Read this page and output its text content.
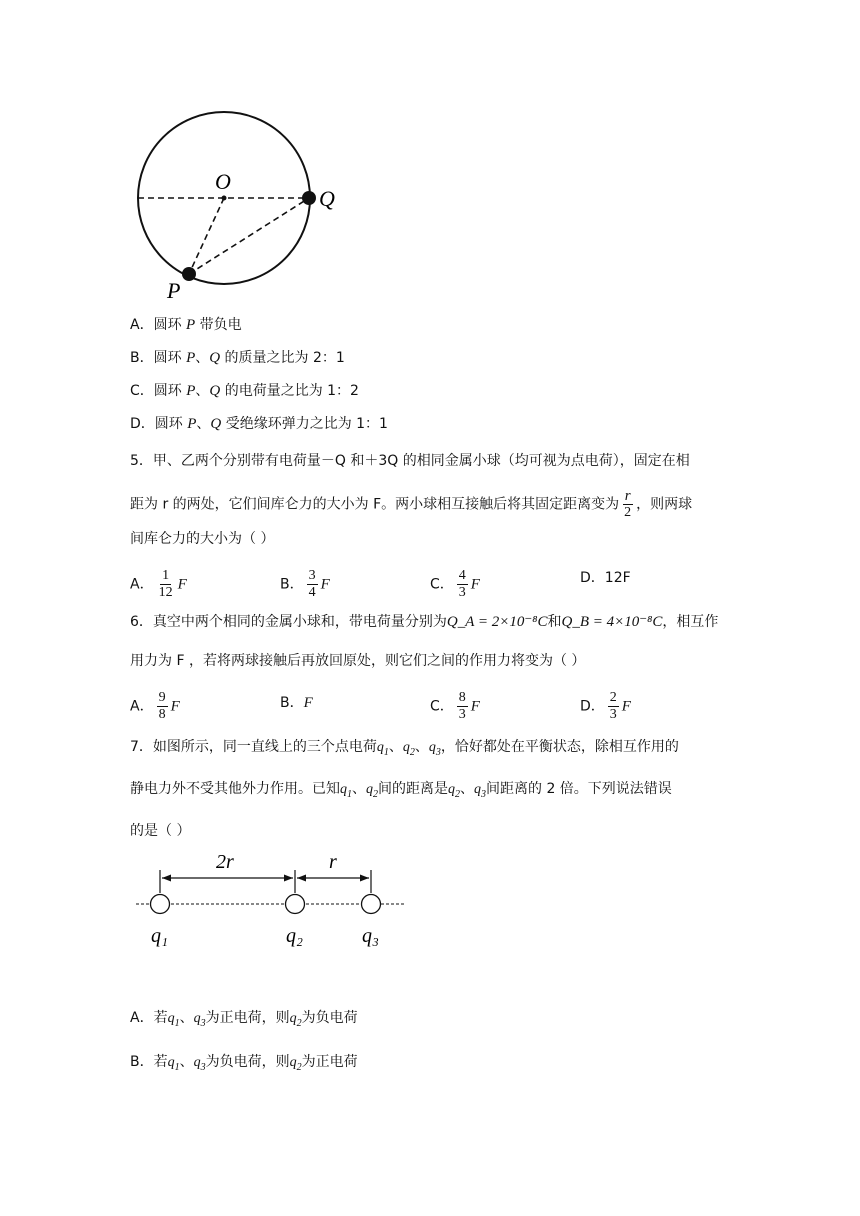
O
Q
P
A．圆环 P 带负电
B．圆环 P、Q 的质量之比为 2：1
C．圆环 P、Q 的电荷量之比为 1：2
D．圆环 P、Q 受绝缘环弹力之比为 1：1
5．甲、乙两个分别带有电荷量－Q 和＋3Q 的相同金属小球（均可视为点电荷），固定在相
距为 r 的两处，它们间库仑力的大小为 F。两小球相互接触后将其固定距离变为 $\frac{r}{2}$ ，则两球
间库仑力的大小为（ ）
A． $\frac{1}{12}$ F	B． $\frac{3}{4}$ F	C． $\frac{4}{3}$ F	D．12F
6．真空中两个相同的金属小球和，带电荷量分别为Q_A = 2×10⁻⁸C和Q_B = 4×10⁻⁸C，相互作
用力为 F ，若将两球接触后再放回原处，则它们之间的作用力将变为（ ）
A． $\frac{9}{8}$ F	B．F	C． $\frac{8}{3}$ F	D． $\frac{2}{3}$ F
7．如图所示，同一直线上的三个点电荷$q_1$、$q_2$、$q_3$，恰好都处在平衡状态，除相互作用的
静电力外不受其他外力作用。已知$q_1$、$q_2$间的距离是$q_2$、$q_3$间距离的 2 倍。下列说法错误
的是（ ）
2r	r
q₁	q₂	q₃
A．若$q_1$、$q_3$为正电荷，则$q_2$为负电荷
B．若$q_1$、$q_3$为负电荷，则$q_2$为正电荷
